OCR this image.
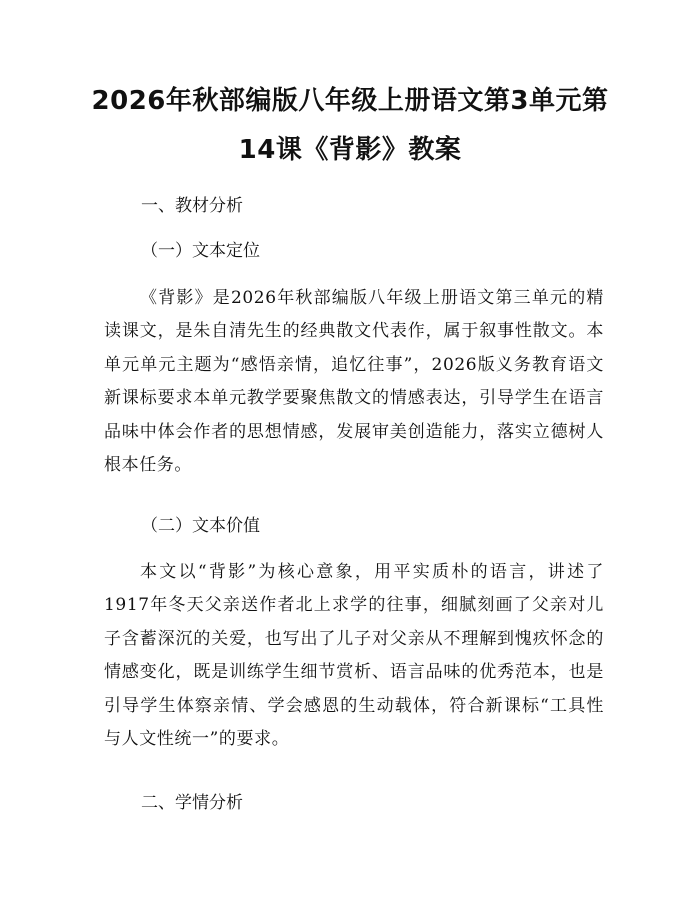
2026年秋部编版八年级上册语文第3单元第
14课《背影》教案
一、教材分析
（一）文本定位

《背影》是2026年秋部编版八年级上册语文第三单元的精读课文，是朱自清先生的经典散文代表作，属于叙事性散文。本单元单元主题为“感悟亲情，追忆往事”，2026版义务教育语文新课标要求本单元教学要聚焦散文的情感表达，引导学生在语言品味中体会作者的思想情感，发展审美创造能力，落实立德树人根本任务。

（二）文本价值

本文以“背影”为核心意象，用平实质朴的语言，讲述了1917年冬天父亲送作者北上求学的往事，细腻刻画了父亲对儿子含蓄深沉的关爱，也写出了儿子对父亲从不理解到愧疚怀念的情感变化，既是训练学生细节赏析、语言品味的优秀范本，也是引导学生体察亲情、学会感恩的生动载体，符合新课标“工具性与人文性统一”的要求。

二、学情分析
